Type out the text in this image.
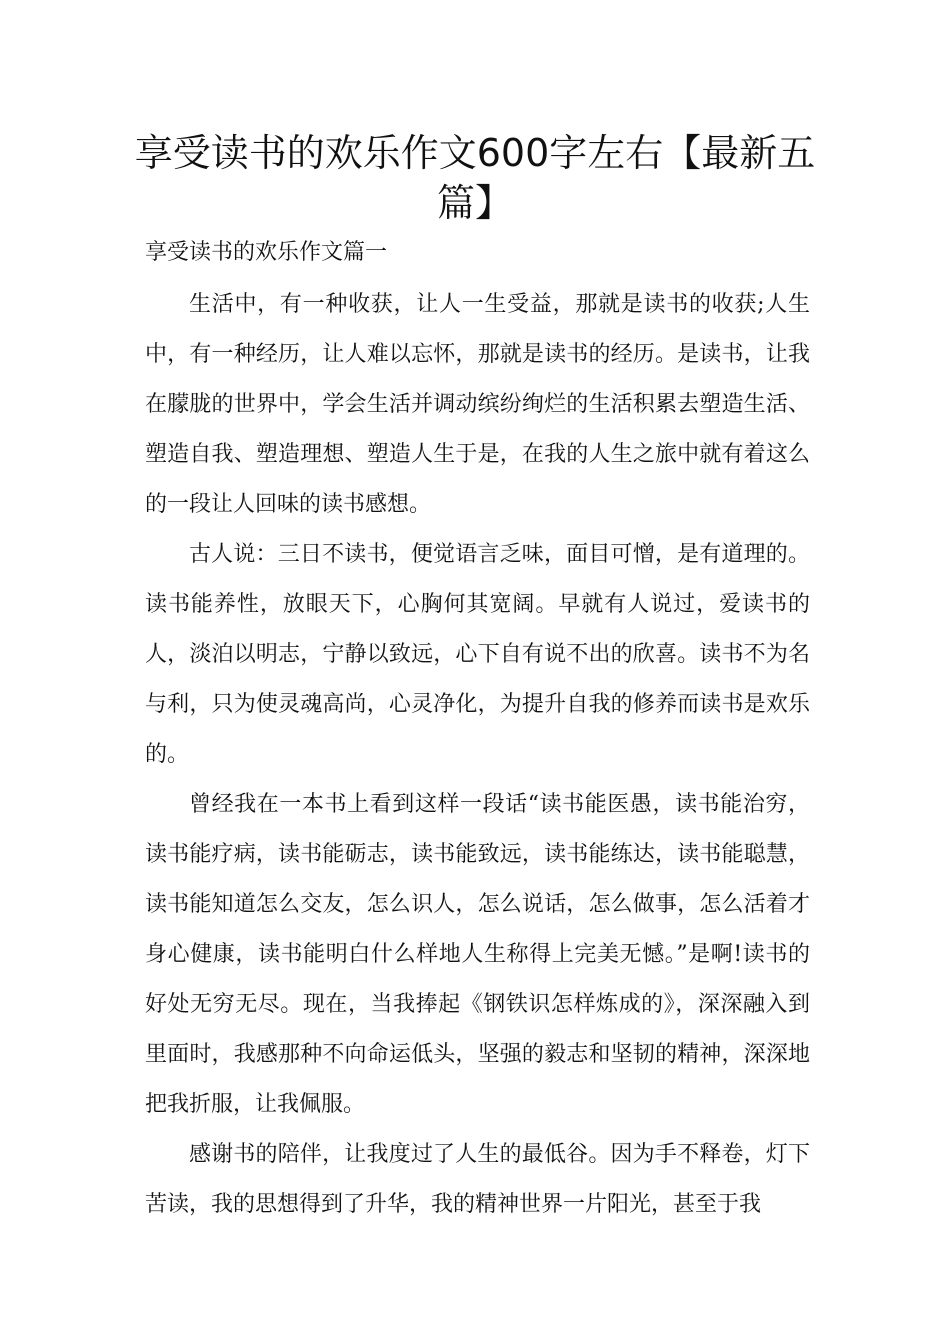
享受读书的欢乐作文600字左右【最新五篇】

享受读书的欢乐作文篇一

生活中，有一种收获，让人一生受益，那就是读书的收获;人生中，有一种经历，让人难以忘怀，那就是读书的经历。是读书，让我在朦胧的世界中，学会生活并调动缤纷绚烂的生活积累去塑造生活、塑造自我、塑造理想、塑造人生于是，在我的人生之旅中就有着这么的一段让人回味的读书感想。

古人说：三日不读书，便觉语言乏味，面目可憎，是有道理的。读书能养性，放眼天下，心胸何其宽阔。早就有人说过，爱读书的人，淡泊以明志，宁静以致远，心下自有说不出的欣喜。读书不为名与利，只为使灵魂高尚，心灵净化，为提升自我的修养而读书是欢乐的。

曾经我在一本书上看到这样一段话“读书能医愚，读书能治穷，读书能疗病，读书能砺志，读书能致远，读书能练达，读书能聪慧，读书能知道怎么交友，怎么识人，怎么说话，怎么做事，怎么活着才身心健康，读书能明白什么样地人生称得上完美无憾。”是啊!读书的好处无穷无尽。现在，当我捧起《钢铁识怎样炼成的》，深深融入到里面时，我感那种不向命运低头，坚强的毅志和坚韧的精神，深深地把我折服，让我佩服。

感谢书的陪伴，让我度过了人生的最低谷。因为手不释卷，灯下苦读，我的思想得到了升华，我的精神世界一片阳光，甚至于我
